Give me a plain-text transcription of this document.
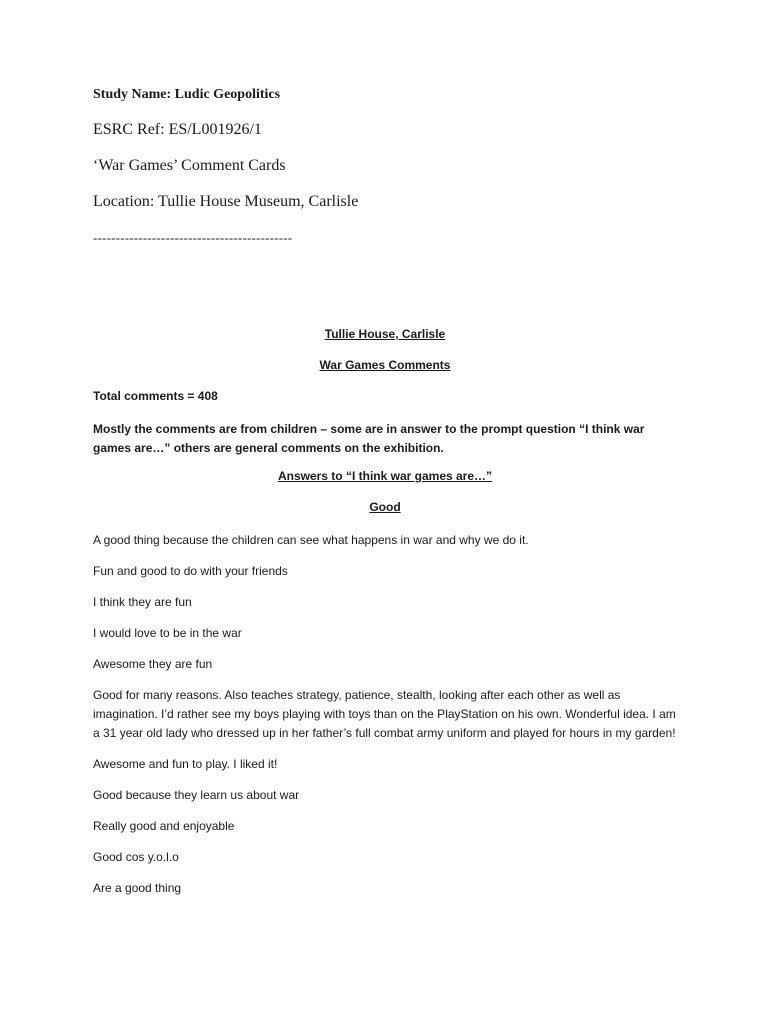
Study Name: Ludic Geopolitics
ESRC Ref: ES/L001926/1
‘War Games’ Comment Cards
Location: Tullie House Museum, Carlisle
--------------------------------------------
Tullie House, Carlisle
War Games Comments
Total comments = 408
Mostly the comments are from children – some are in answer to the prompt question “I think war games are…” others are general comments on the exhibition.
Answers to “I think war games are…”
Good
A good thing because the children can see what happens in war and why we do it.
Fun and good to do with your friends
I think they are fun
I would love to be in the war
Awesome they are fun
Good for many reasons. Also teaches strategy, patience, stealth, looking after each other as well as imagination. I’d rather see my boys playing with toys than on the PlayStation on his own. Wonderful idea. I am a 31 year old lady who dressed up in her father’s full combat army uniform and played for hours in my garden!
Awesome and fun to play. I liked it!
Good because they learn us about war
Really good and enjoyable
Good cos y.o.l.o
Are a good thing
